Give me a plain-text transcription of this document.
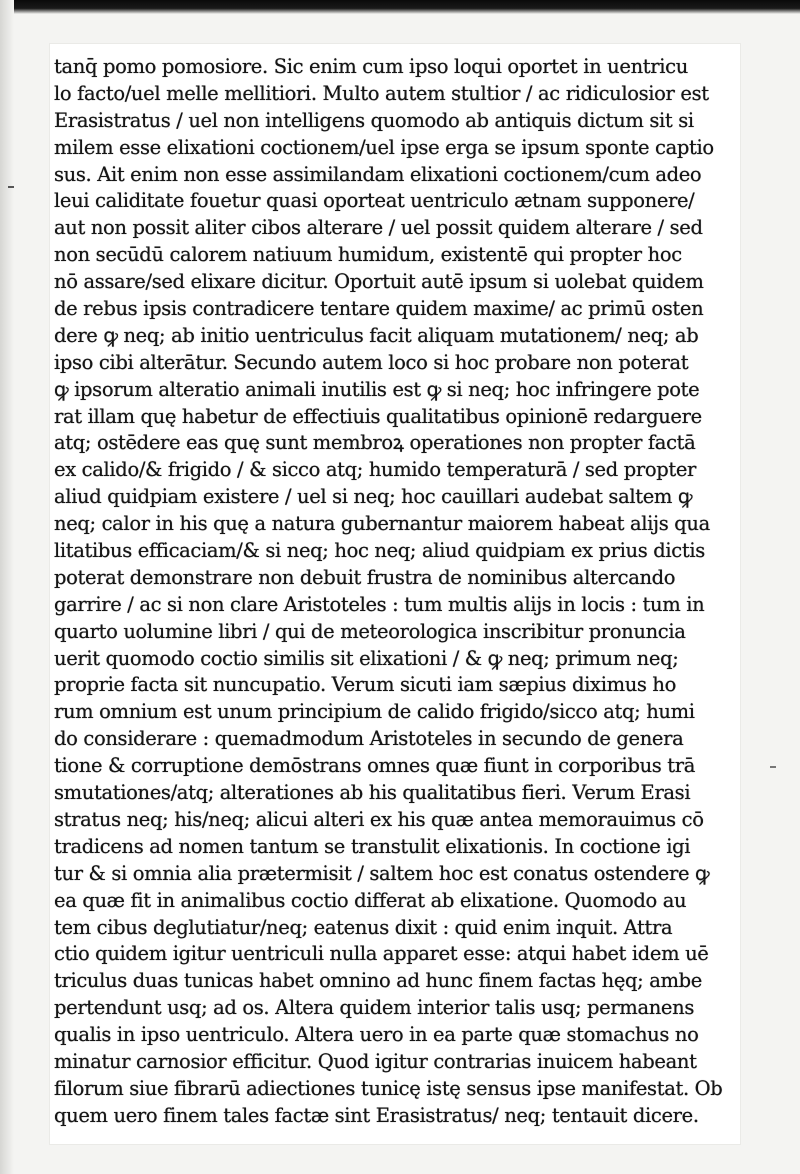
tanq̄ pomo pomosiore. Sic enim cum ipso loqui oportet in uentricu
lo facto/uel melle mellitiori. Multo autem stultior / ac ridiculosior est
Erasistratus / uel non intelligens quomodo ab antiquis dictum sit si
milem esse elixationi coctionem/uel ipse erga se ipsum sponte captio
sus. Ait enim non esse assimilandam elixationi coctionem/cum adeo
leui caliditate fouetur quasi oporteat uentriculo ætnam supponere/
aut non possit aliter cibos alterare / uel possit quidem alterare / sed
non secūdū calorem natiuum humidum, existentē qui propter hoc
nō assare/sed elixare dicitur. Oportuit autē ipsum si uolebat quidem
de rebus ipsis contradicere tentare quidem maxime/ ac primū osten
dere ꝙ neq; ab initio uentriculus facit aliquam mutationem/ neq; ab
ipso cibi alterātur. Secundo autem loco si hoc probare non poterat
ꝙ ipsorum alteratio animali inutilis est ꝙ si neq; hoc infringere pote
rat illam quę habetur de effectiuis qualitatibus opinionē redarguere
atq; ostēdere eas quę sunt membroꝝ operationes non propter factā
ex calido/& frigido / & sicco atq; humido temperaturā / sed propter
aliud quidpiam existere / uel si neq; hoc cauillari audebat saltem ꝙ
neq; calor in his quę a natura gubernantur maiorem habeat alijs qua
litatibus efficaciam/& si neq; hoc neq; aliud quidpiam ex prius dictis
poterat demonstrare non debuit frustra de nominibus altercando
garrire / ac si non clare Aristoteles : tum multis alijs in locis : tum in
quarto uolumine libri / qui de meteorologica inscribitur pronuncia
uerit quomodo coctio similis sit elixationi / & ꝙ neq; primum neq;
proprie facta sit nuncupatio. Verum sicuti iam sæpius diximus ho
rum omnium est unum principium de calido frigido/sicco atq; humi
do considerare : quemadmodum Aristoteles in secundo de genera
tione & corruptione demōstrans omnes quæ fiunt in corporibus trā
smutationes/atq; alterationes ab his qualitatibus fieri. Verum Erasi
stratus neq; his/neq; alicui alteri ex his quæ antea memorauimus cō
tradicens ad nomen tantum se transtulit elixationis. In coctione igi
tur & si omnia alia prætermisit / saltem hoc est conatus ostendere ꝙ
ea quæ fit in animalibus coctio differat ab elixatione. Quomodo au
tem cibus deglutiatur/neq; eatenus dixit : quid enim inquit. Attra
ctio quidem igitur uentriculi nulla apparet esse: atqui habet idem uē
triculus duas tunicas habet omnino ad hunc finem factas hęq; ambe
pertendunt usq; ad os. Altera quidem interior talis usq; permanens
qualis in ipso uentriculo. Altera uero in ea parte quæ stomachus no
minatur carnosior efficitur. Quod igitur contrarias inuicem habeant
filorum siue fibrarū adiectiones tunicę istę sensus ipse manifestat. Ob
quem uero finem tales factæ sint Erasistratus/ neq; tentauit dicere.
